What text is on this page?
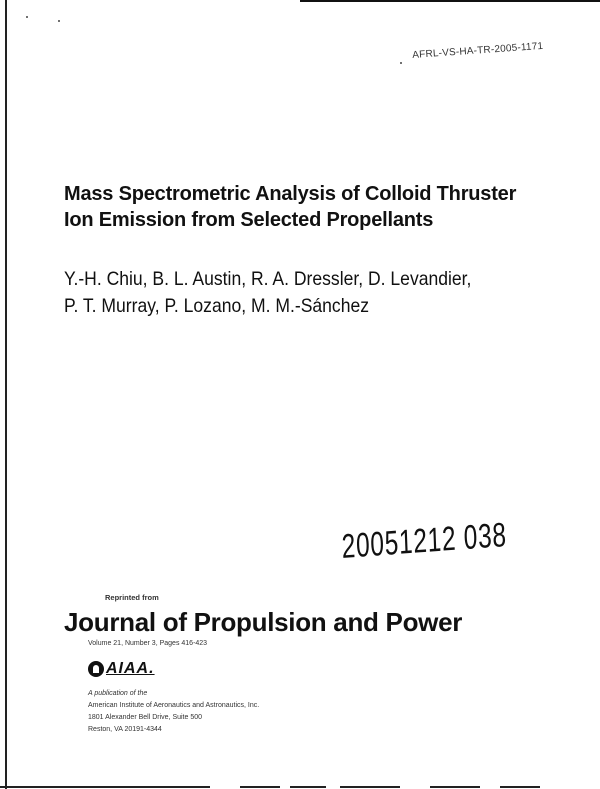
AFRL-VS-HA-TR-2005-1171
Mass Spectrometric Analysis of Colloid Thruster
Ion Emission from Selected Propellants
Y.-H. Chiu, B. L. Austin, R. A. Dressler, D. Levandier,
P. T. Murray, P. Lozano, M. M.-Sánchez
20051212 038
Reprinted from
Journal of Propulsion and Power
Volume 21, Number 3, Pages 416-423
AIAA.
A publication of the
American Institute of Aeronautics and Astronautics, Inc.
1801 Alexander Bell Drive, Suite 500
Reston, VA 20191-4344
